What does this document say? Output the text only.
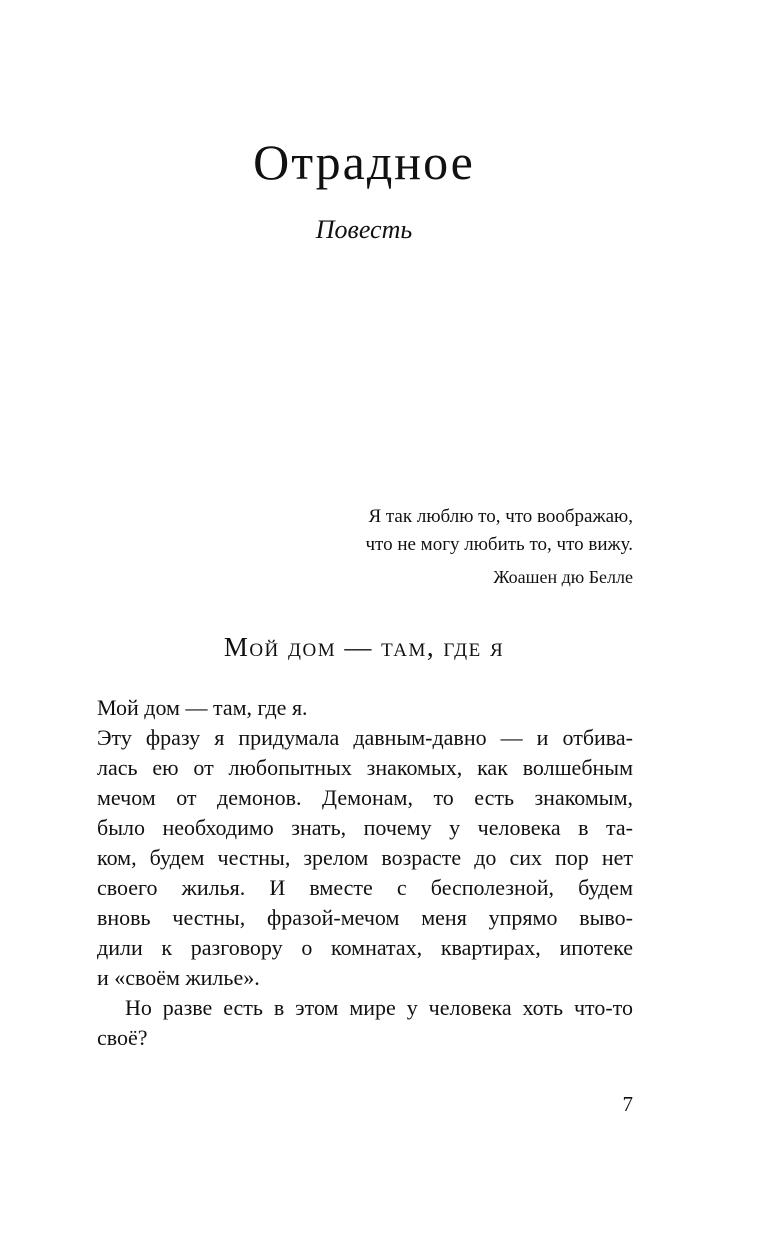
Отрадное
Повесть
Я так люблю то, что воображаю,
что не могу любить то, что вижу.
Жоашен дю Белле
Мой дом — там, где я
Мой дом — там, где я.
Эту фразу я придумала давным-давно — и отбива-
лась ею от любопытных знакомых, как волшебным
мечом от демонов. Демонам, то есть знакомым,
было необходимо знать, почему у человека в та-
ком, будем честны, зрелом возрасте до сих пор нет
своего жилья. И вместе с бесполезной, будем
вновь честны, фразой-мечом меня упрямо выво-
дили к разговору о комнатах, квартирах, ипотеке
и «своём жилье».
Но разве есть в этом мире у человека хоть что-то
своё?
7
